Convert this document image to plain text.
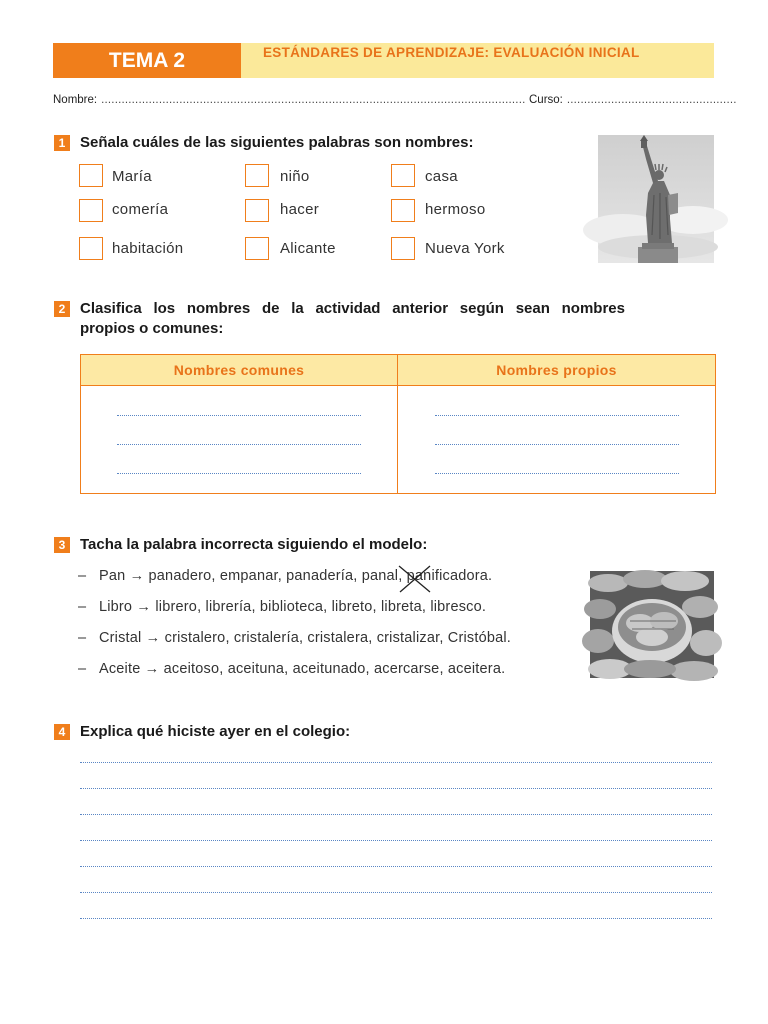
TEMA 2	ESTÁNDARES DE APRENDIZAJE: EVALUACIÓN INICIAL
Nombre: ............................................................................................................................. Curso: ..................................................
1 Señala cuáles de las siguientes palabras son nombres:
María	niño	casa
comería	hacer	hermoso
habitación	Alicante	Nueva York
2 Clasifica los nombres de la actividad anterior según sean nombres
propios o comunes:
Nombres comunes	Nombres propios
3 Tacha la palabra incorrecta siguiendo el modelo:
–   Pan → panadero, empanar, panadería, panal, panificadora.
–   Libro → librero, librería, biblioteca, libreto, libreta, libresco.
–   Cristal → cristalero, cristalería, cristalera, cristalizar, Cristóbal.
–   Aceite → aceitoso, aceituna, aceitunado, acercarse, aceitera.
4 Explica qué hiciste ayer en el colegio:
